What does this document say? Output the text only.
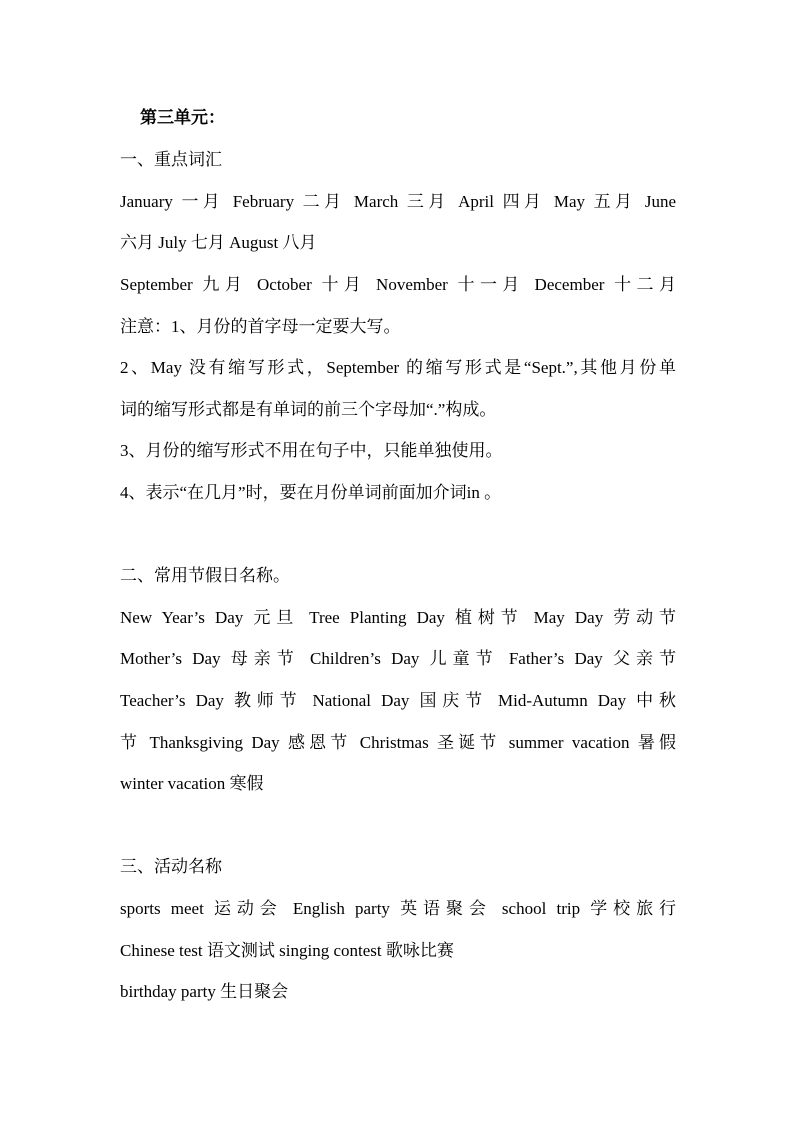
第三单元：
一、重点词汇
January 一月 February 二月 March 三月 April 四月 May 五月 June
六月 July 七月 August 八月
September 九月 October 十月 November 十一月 December 十二月
注意：1、月份的首字母一定要大写。
2、May 没有缩写形式，September 的缩写形式是“Sept.”,其他月份单
词的缩写形式都是有单词的前三个字母加“.”构成。
3、月份的缩写形式不用在句子中，只能单独使用。
4、表示“在几月”时，要在月份单词前面加介词in 。
二、常用节假日名称。
New Year’s Day 元旦 Tree Planting Day 植树节 May Day 劳动节
Mother’s Day 母亲节 Children’s Day 儿童节 Father’s Day 父亲节
Teacher’s Day 教师节 National Day 国庆节 Mid-Autumn Day 中秋
节 Thanksgiving Day 感恩节 Christmas 圣诞节 summer vacation 暑假
winter vacation 寒假
三、活动名称
sports meet 运动会 English party 英语聚会 school trip 学校旅行
Chinese test 语文测试 singing contest 歌咏比赛
birthday party 生日聚会
